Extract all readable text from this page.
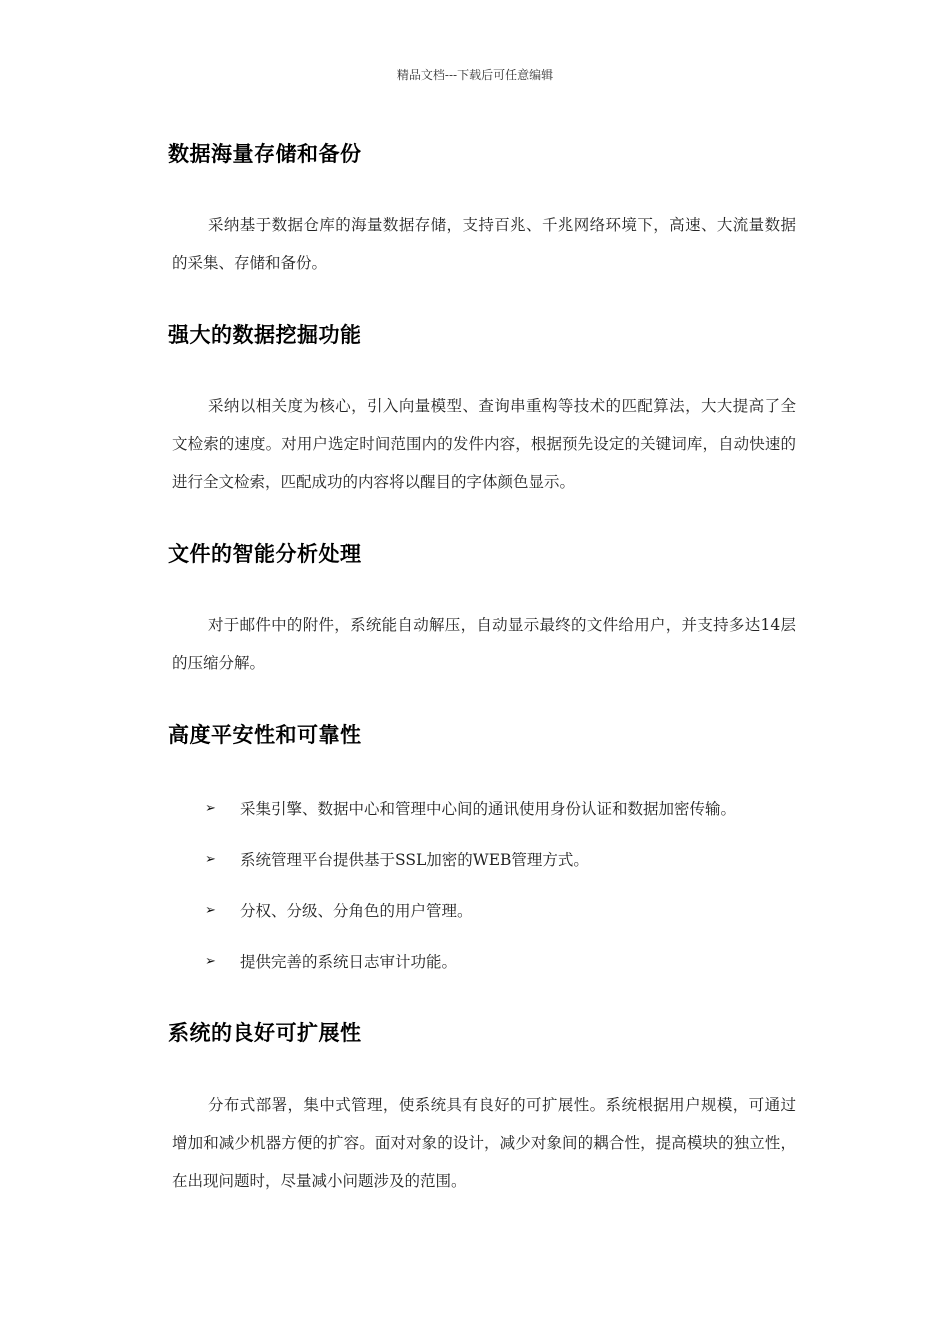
精品文档---下载后可任意编辑
数据海量存储和备份
采纳基于数据仓库的海量数据存储，支持百兆、千兆网络环境下，高速、大流量数据的采集、存储和备份。
强大的数据挖掘功能
采纳以相关度为核心，引入向量模型、查询串重构等技术的匹配算法，大大提高了全文检索的速度。对用户选定时间范围内的发件内容，根据预先设定的关键词库，自动快速的进行全文检索，匹配成功的内容将以醒目的字体颜色显示。
文件的智能分析处理
对于邮件中的附件，系统能自动解压，自动显示最终的文件给用户，并支持多达14层的压缩分解。
高度平安性和可靠性
➢	采集引擎、数据中心和管理中心间的通讯使用身份认证和数据加密传输。
➢	系统管理平台提供基于SSL加密的WEB管理方式。
➢	分权、分级、分角色的用户管理。
➢	提供完善的系统日志审计功能。
系统的良好可扩展性
分布式部署，集中式管理，使系统具有良好的可扩展性。系统根据用户规模，可通过增加和减少机器方便的扩容。面对对象的设计，减少对象间的耦合性，提高模块的独立性，在出现问题时，尽量减小问题涉及的范围。
